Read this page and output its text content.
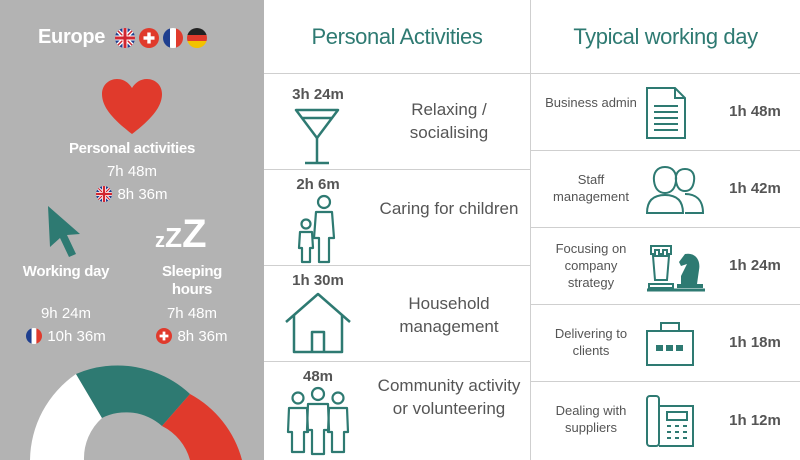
Europe
Personal activities
7h 48m
8h 36m
zZZ
Working day
9h 24m
10h 36m
Sleeping hours
7h 48m
8h 36m
Personal Activities
3h 24m
Relaxing / socialising
2h 6m
Caring for children
1h 30m
Household management
48m	Community activity or volunteering
Typical working day
Business admin
1h 48m
Staff management	1h 42m
Focusing on company strategy
1h 24m
Delivering to clients	1h 18m
Dealing with suppliers	1h 12m
